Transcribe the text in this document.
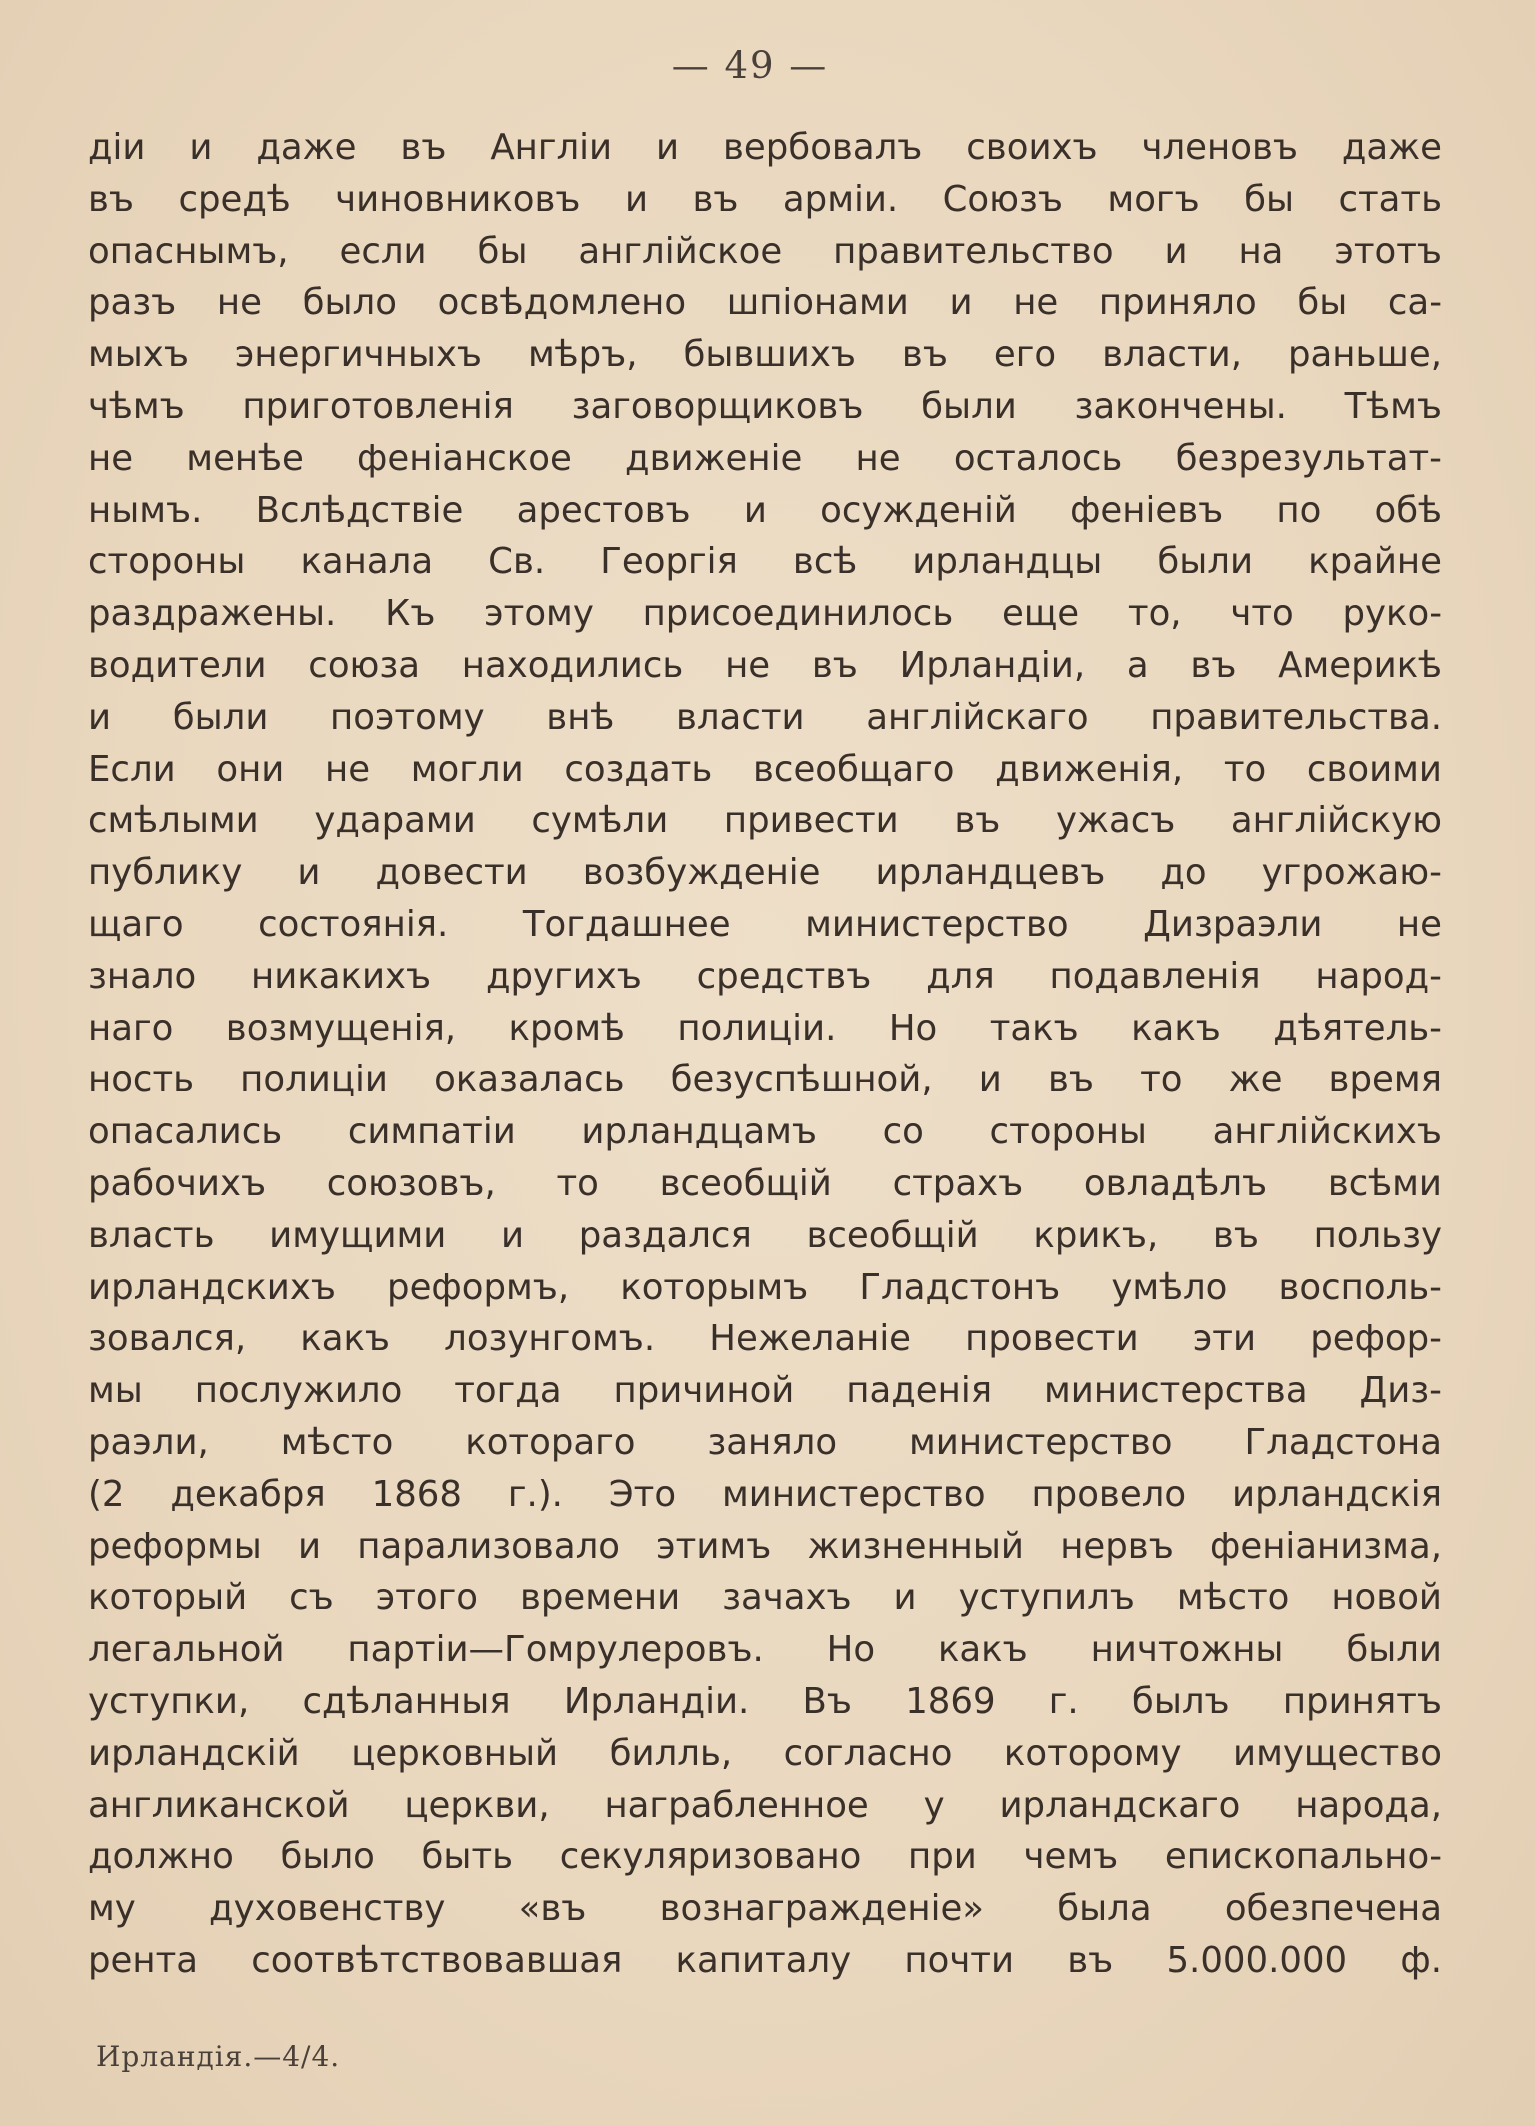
— 49 —
діи и даже въ Англіи и вербовалъ своихъ членовъ даже
въ средѣ чиновниковъ и въ арміи. Союзъ могъ бы стать
опаснымъ, если бы англійское правительство и на этотъ
разъ не было освѣдомлено шпіонами и не приняло бы са-
мыхъ энергичныхъ мѣръ, бывшихъ въ его власти, раньше,
чѣмъ приготовленія заговорщиковъ были закончены. Тѣмъ
не менѣе феніанское движеніе не осталось безрезультат-
нымъ. Вслѣдствіе арестовъ и осужденій феніевъ по обѣ
стороны канала Св. Георгія всѣ ирландцы были крайне
раздражены. Къ этому присоединилось еще то, что руко-
водители союза находились не въ Ирландіи, а въ Америкѣ
и были поэтому внѣ власти англійскаго правительства.
Если они не могли создать всеобщаго движенія, то своими
смѣлыми ударами сумѣли привести въ ужасъ англійскую
публику и довести возбужденіе ирландцевъ до угрожаю-
щаго состоянія. Тогдашнее министерство Дизраэли не
знало никакихъ другихъ средствъ для подавленія народ-
наго возмущенія, кромѣ полиціи. Но такъ какъ дѣятель-
ность полиціи оказалась безуспѣшной, и въ то же время
опасались симпатіи ирландцамъ со стороны англійскихъ
рабочихъ союзовъ, то всеобщій страхъ овладѣлъ всѣми
власть имущими и раздался всеобщій крикъ, въ пользу
ирландскихъ реформъ, которымъ Гладстонъ умѣло восполь-
зовался, какъ лозунгомъ. Нежеланіе провести эти рефор-
мы послужило тогда причиной паденія министерства Диз-
раэли, мѣсто котораго заняло министерство Гладстона
(2 декабря 1868 г.). Это министерство провело ирландскія
реформы и парализовало этимъ жизненный нервъ феніанизма,
который съ этого времени зачахъ и уступилъ мѣсто новой
легальной партіи—Гомрулеровъ. Но какъ ничтожны были
уступки, сдѣланныя Ирландіи. Въ 1869 г. былъ принятъ
ирландскій церковный билль, согласно которому имущество
англиканской церкви, награбленное у ирландскаго народа,
должно было быть секуляризовано при чемъ епископально-
му духовенству «въ вознагражденіе» была обезпечена
рента соотвѣтствовавшая капиталу почти въ 5.000.000 ф.
Ирландія.—4/4.
